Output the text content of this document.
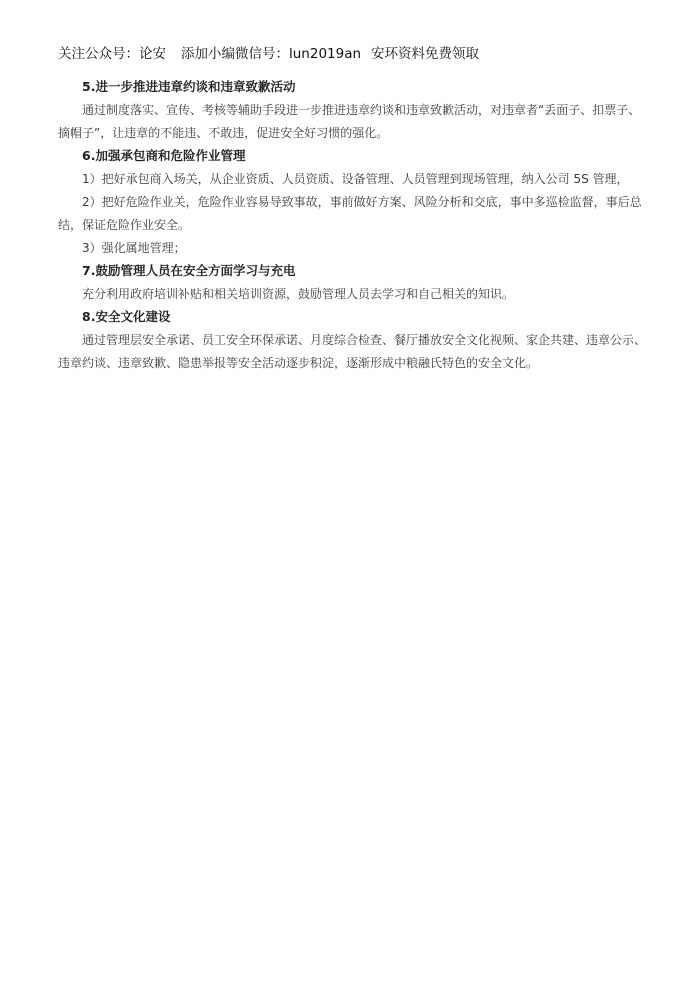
关注公众号：论安 添加小编微信号：lun2019an 安环资料免费领取
5.进一步推进违章约谈和违章致歉活动
通过制度落实、宣传、考核等辅助手段进一步推进违章约谈和违章致歉活动，对违章者“丢面子、扣票子、摘帽子”，让违章的不能违、不敢违，促进安全好习惯的强化。
6.加强承包商和危险作业管理
1）把好承包商入场关，从企业资质、人员资质、设备管理、人员管理到现场管理，纳入公司 5S 管理，
2）把好危险作业关，危险作业容易导致事故，事前做好方案、风险分析和交底，事中多巡检监督，事后总结，保证危险作业安全。
3）强化属地管理；
7.鼓励管理人员在安全方面学习与充电
充分利用政府培训补贴和相关培训资源，鼓励管理人员去学习和自己相关的知识。
8.安全文化建设
通过管理层安全承诺、员工安全环保承诺、月度综合检查、餐厅播放安全文化视频、家企共建、违章公示、违章约谈、违章致歉、隐患举报等安全活动逐步积淀，逐渐形成中粮融氏特色的安全文化。
